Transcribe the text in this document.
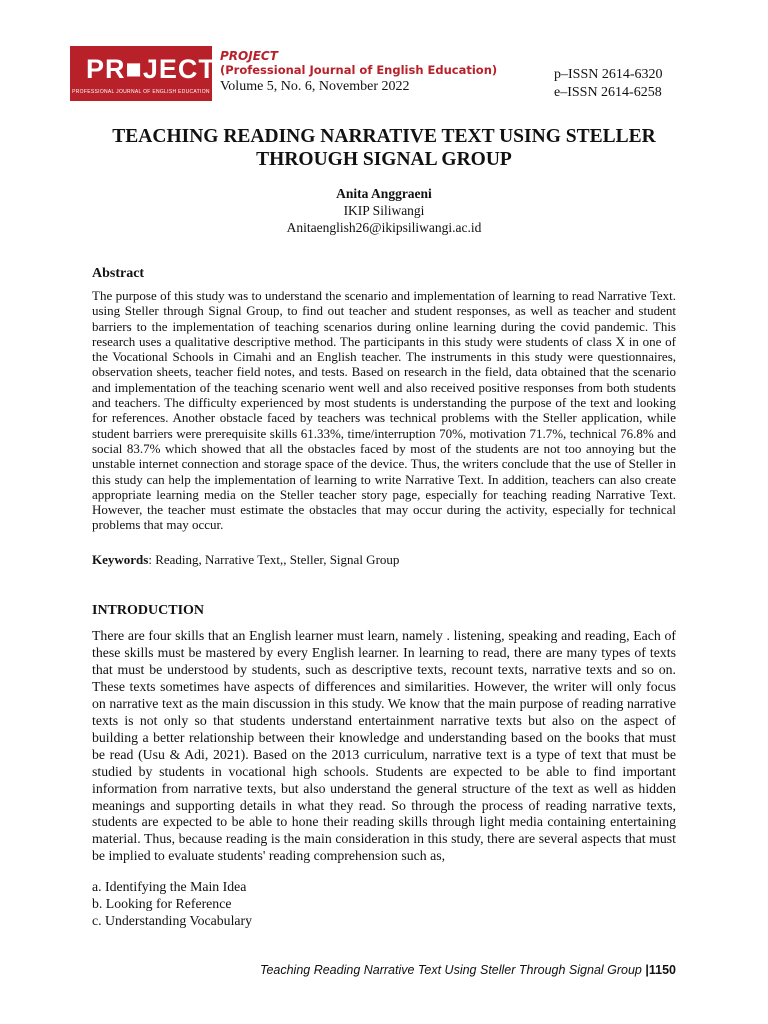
PR■JECT
PROFESSIONAL JOURNAL OF ENGLISH EDUCATION
PROJECT
(Professional Journal of English Education)
Volume 5, No. 6, November 2022
p–ISSN 2614-6320
e–ISSN 2614-6258
TEACHING READING NARRATIVE TEXT USING STELLER
THROUGH SIGNAL GROUP
Anita Anggraeni
IKIP Siliwangi
Anitaenglish26@ikipsiliwangi.ac.id
Abstract

The purpose of this study was to understand the scenario and implementation of learning to read Narrative Text. using Steller through Signal Group, to find out teacher and student responses, as well as teacher and student barriers to the implementation of teaching scenarios during online learning during the covid pandemic. This research uses a qualitative descriptive method. The participants in this study were students of class X in one of the Vocational Schools in Cimahi and an English teacher. The instruments in this study were questionnaires, observation sheets, teacher field notes, and tests. Based on research in the field, data obtained that the scenario and implementation of the teaching scenario went well and also received positive responses from both students and teachers. The difficulty experienced by most students is understanding the purpose of the text and looking for references. Another obstacle faced by teachers was technical problems with the Steller application, while student barriers were prerequisite skills 61.33%, time/interruption 70%, motivation 71.7%, technical 76.8% and social 83.7% which showed that all the obstacles faced by most of the students are not too annoying but the unstable internet connection and storage space of the device. Thus, the writers conclude that the use of Steller in this study can help the implementation of learning to write Narrative Text. In addition, teachers can also create appropriate learning media on the Steller teacher story page, especially for teaching reading Narrative Text. However, the teacher must estimate the obstacles that may occur during the activity, especially for technical problems that may occur.

Keywords: Reading, Narrative Text,, Steller, Signal Group
INTRODUCTION

There are four skills that an English learner must learn, namely . listening, speaking and reading, Each of these skills must be mastered by every English learner. In learning to read, there are many types of texts that must be understood by students, such as descriptive texts, recount texts, narrative texts and so on. These texts sometimes have aspects of differences and similarities. However, the writer will only focus on narrative text as the main discussion in this study. We know that the main purpose of reading narrative texts is not only so that students understand entertainment narrative texts but also on the aspect of building a better relationship between their knowledge and understanding based on the books that must be read (Usu & Adi, 2021). Based on the 2013 curriculum, narrative text is a type of text that must be studied by students in vocational high schools. Students are expected to be able to find important information from narrative texts, but also understand the general structure of the text as well as hidden meanings and supporting details in what they read. So through the process of reading narrative texts, students are expected to be able to hone their reading skills through light media containing entertaining material. Thus, because reading is the main consideration in this study, there are several aspects that must be implied to evaluate students' reading comprehension such as,

a. Identifying the Main Idea
b. Looking for Reference
c. Understanding Vocabulary
Teaching Reading Narrative Text Using Steller Through Signal Group |1150
